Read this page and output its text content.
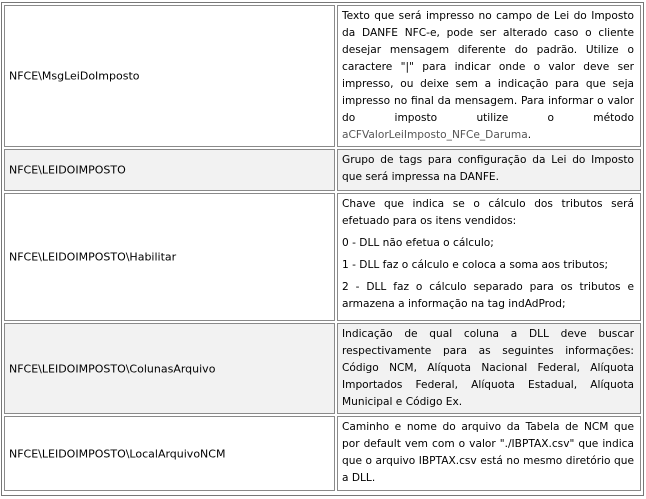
NFCE\MsgLeiDoImposto
Texto que será impresso no campo de Lei do Imposto da DANFE NFC-e, pode ser alterado caso o cliente desejar mensagem diferente do padrão. Utilize o caractere "|" para indicar onde o valor deve ser impresso, ou deixe sem a indicação para que seja impresso no final da mensagem. Para informar o valor do imposto utilize o método aCFValorLeiImposto_NFCe_Daruma.
NFCE\LEIDOIMPOSTO
Grupo de tags para configuração da Lei do Imposto que será impressa na DANFE.
NFCE\LEIDOIMPOSTO\Habilitar

Chave que indica se o cálculo dos tributos será efetuado para os itens vendidos:

0 - DLL não efetua o cálculo;

1 - DLL faz o cálculo e coloca a soma aos tributos;

2 - DLL faz o cálculo separado para os tributos e armazena a informação na tag indAdProd;

NFCE\LEIDOIMPOSTO\ColunasArquivo
Indicação de qual coluna a DLL deve buscar respectivamente para as seguintes informações: Código NCM, Alíquota Nacional Federal, Alíquota Importados Federal, Alíquota Estadual, Alíquota Municipal e Código Ex.
NFCE\LEIDOIMPOSTO\LocalArquivoNCM
Caminho e nome do arquivo da Tabela de NCM que por default vem com o valor "./IBPTAX.csv" que indica que o arquivo IBPTAX.csv está no mesmo diretório que a DLL.
